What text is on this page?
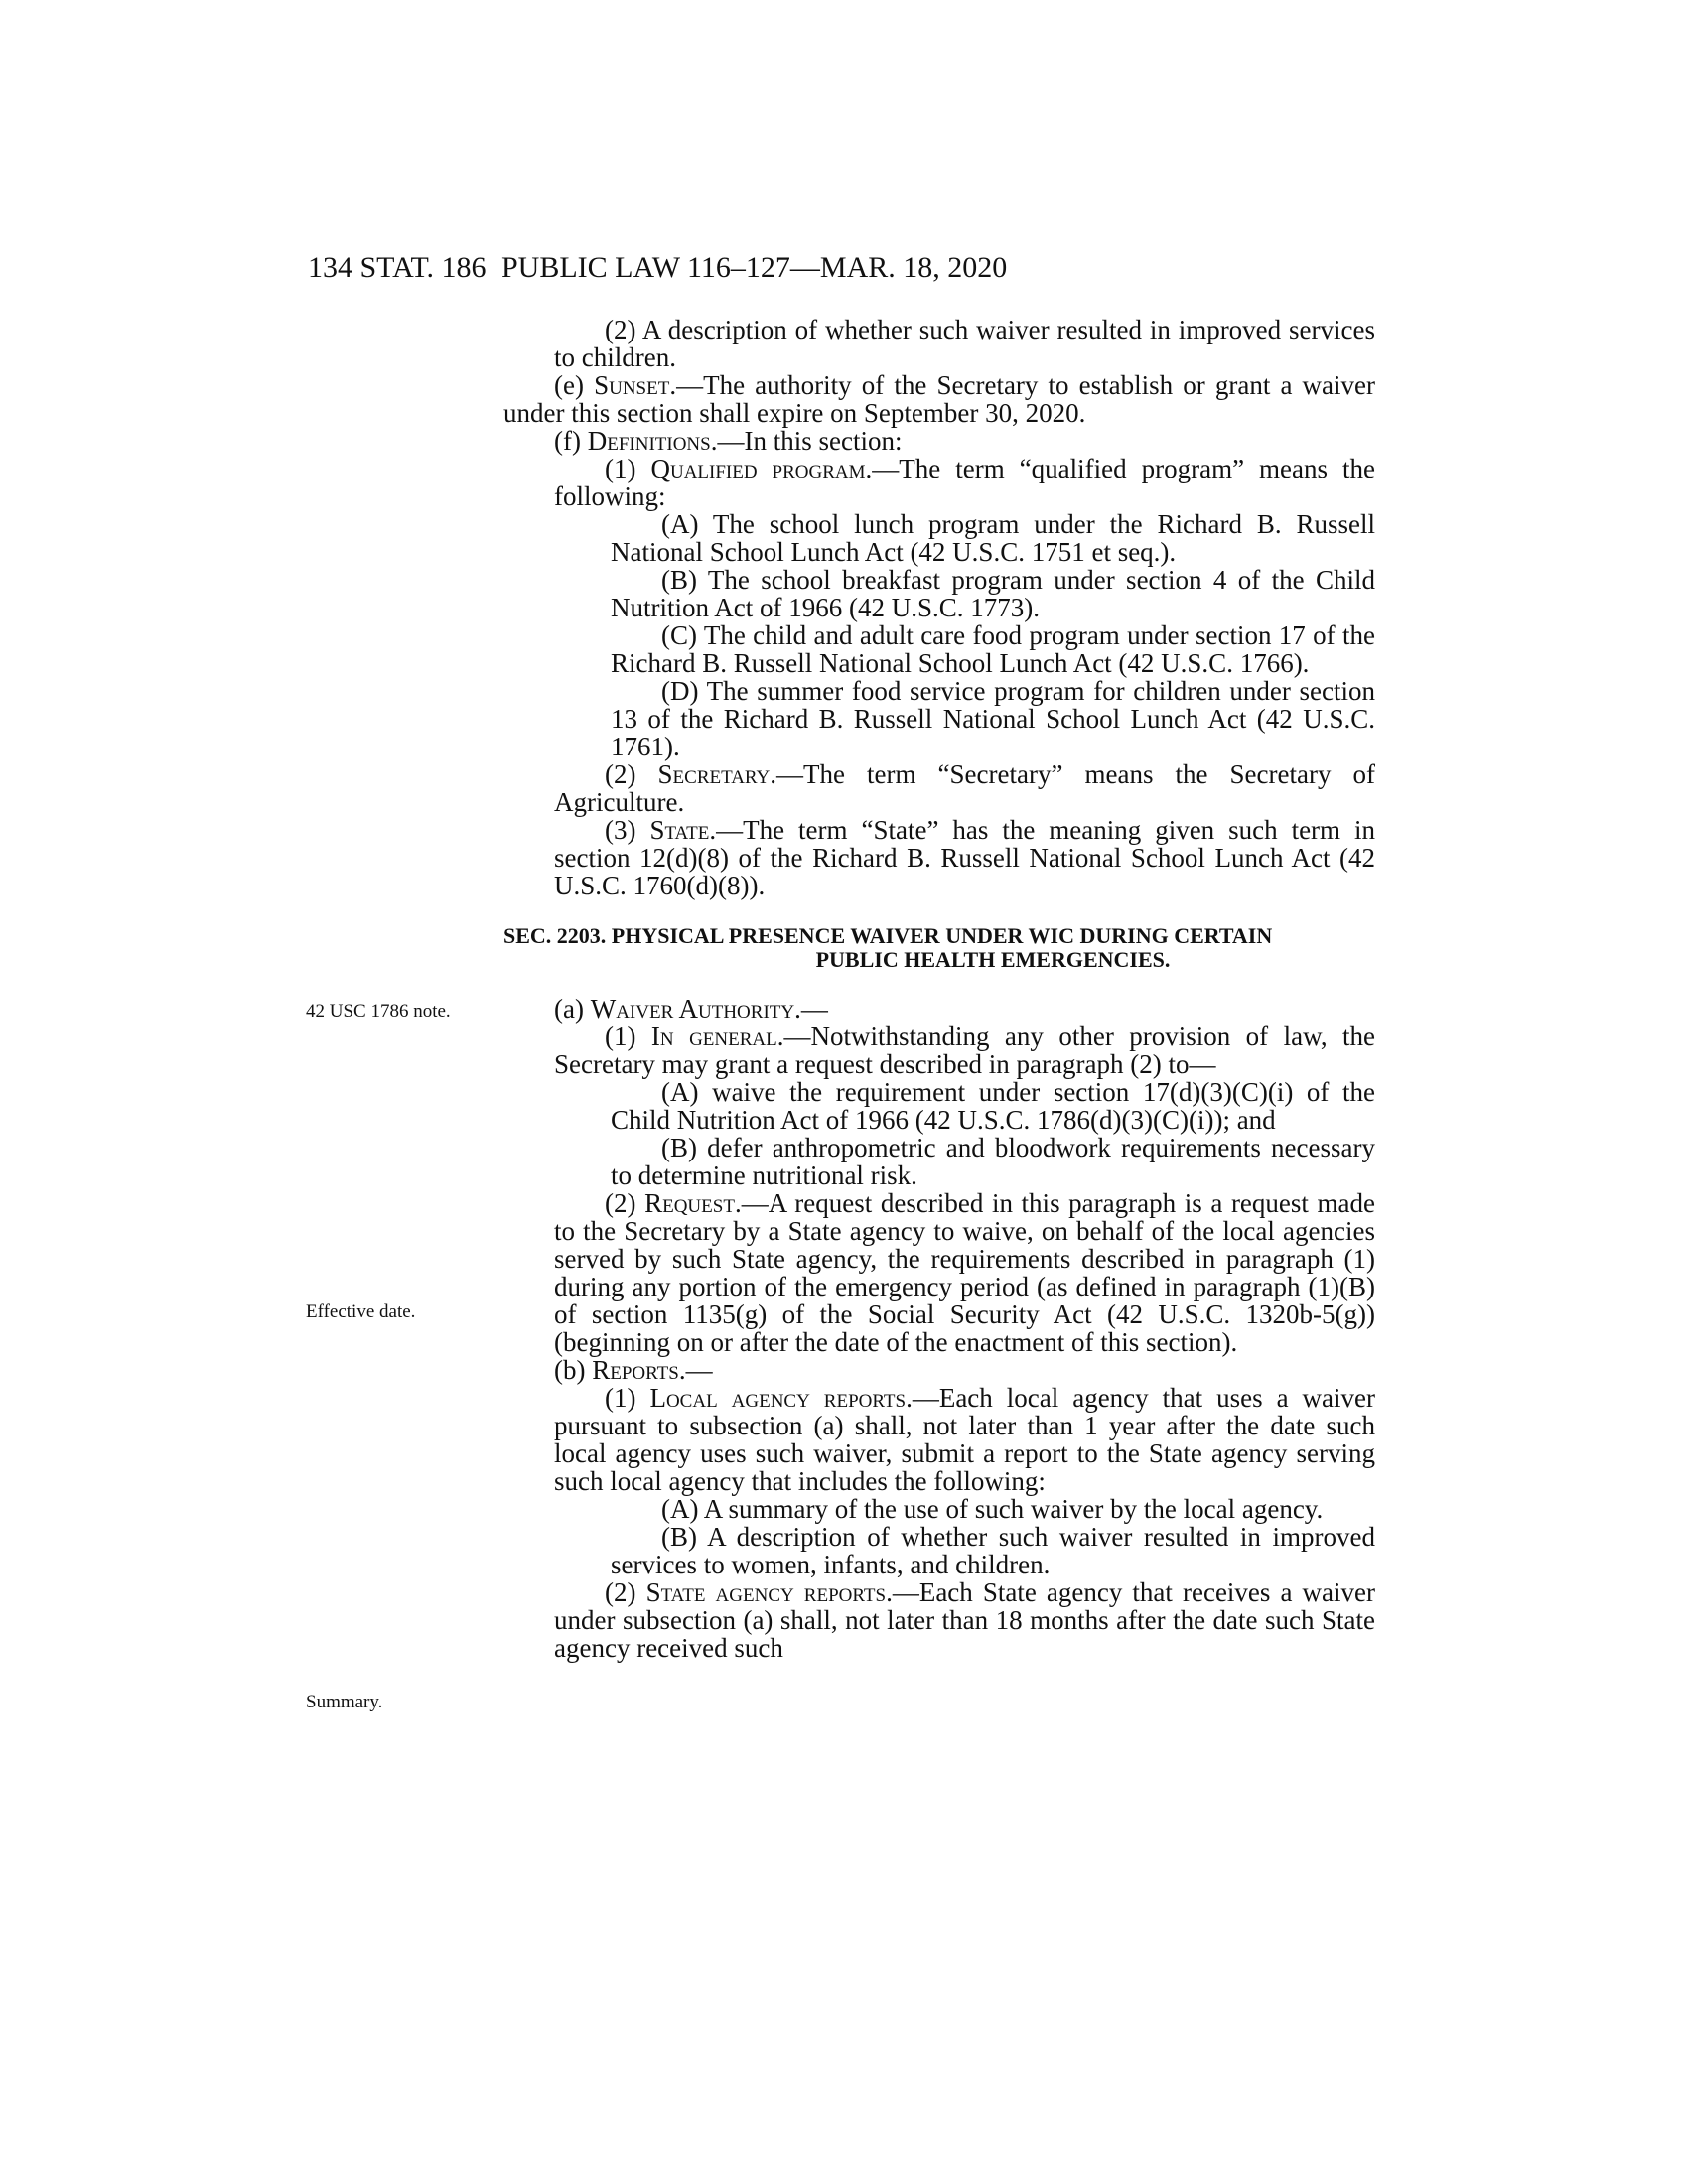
134 STAT. 186 PUBLIC LAW 116–127—MAR. 18, 2020
42 USC 1786 note.
Effective date.
Summary.

(2) A description of whether such waiver resulted in improved services to children.

(e) Sunset.—The authority of the Secretary to establish or grant a waiver under this section shall expire on September 30, 2020.

(f) Definitions.—In this section:

(1) Qualified program.—The term “qualified program” means the following:

(A) The school lunch program under the Richard B. Russell National School Lunch Act (42 U.S.C. 1751 et seq.).

(B) The school breakfast program under section 4 of the Child Nutrition Act of 1966 (42 U.S.C. 1773).

(C) The child and adult care food program under section 17 of the Richard B. Russell National School Lunch Act (42 U.S.C. 1766).

(D) The summer food service program for children under section 13 of the Richard B. Russell National School Lunch Act (42 U.S.C. 1761).

(2) Secretary.—The term “Secretary” means the Secretary of Agriculture.

(3) State.—The term “State” has the meaning given such term in section 12(d)(8) of the Richard B. Russell National School Lunch Act (42 U.S.C. 1760(d)(8)).

SEC. 2203. PHYSICAL PRESENCE WAIVER UNDER WIC DURING CERTAIN
PUBLIC HEALTH EMERGENCIES.

(a) Waiver Authority.—

(1) In general.—Notwithstanding any other provision of law, the Secretary may grant a request described in paragraph (2) to—

(A) waive the requirement under section 17(d)(3)(C)(i) of the Child Nutrition Act of 1966 (42 U.S.C. 1786(d)(3)(C)(i)); and

(B) defer anthropometric and bloodwork requirements necessary to determine nutritional risk.

(2) Request.—A request described in this paragraph is a request made to the Secretary by a State agency to waive, on behalf of the local agencies served by such State agency, the requirements described in paragraph (1) during any portion of the emergency period (as defined in paragraph (1)(B) of section 1135(g) of the Social Security Act (42 U.S.C. 1320b-5(g)) (beginning on or after the date of the enactment of this section).

(b) Reports.—

(1) Local agency reports.—Each local agency that uses a waiver pursuant to subsection (a) shall, not later than 1 year after the date such local agency uses such waiver, submit a report to the State agency serving such local agency that includes the following:

(A) A summary of the use of such waiver by the local agency.

(B) A description of whether such waiver resulted in improved services to women, infants, and children.

(2) State agency reports.—Each State agency that receives a waiver under subsection (a) shall, not later than 18 months after the date such State agency received such
